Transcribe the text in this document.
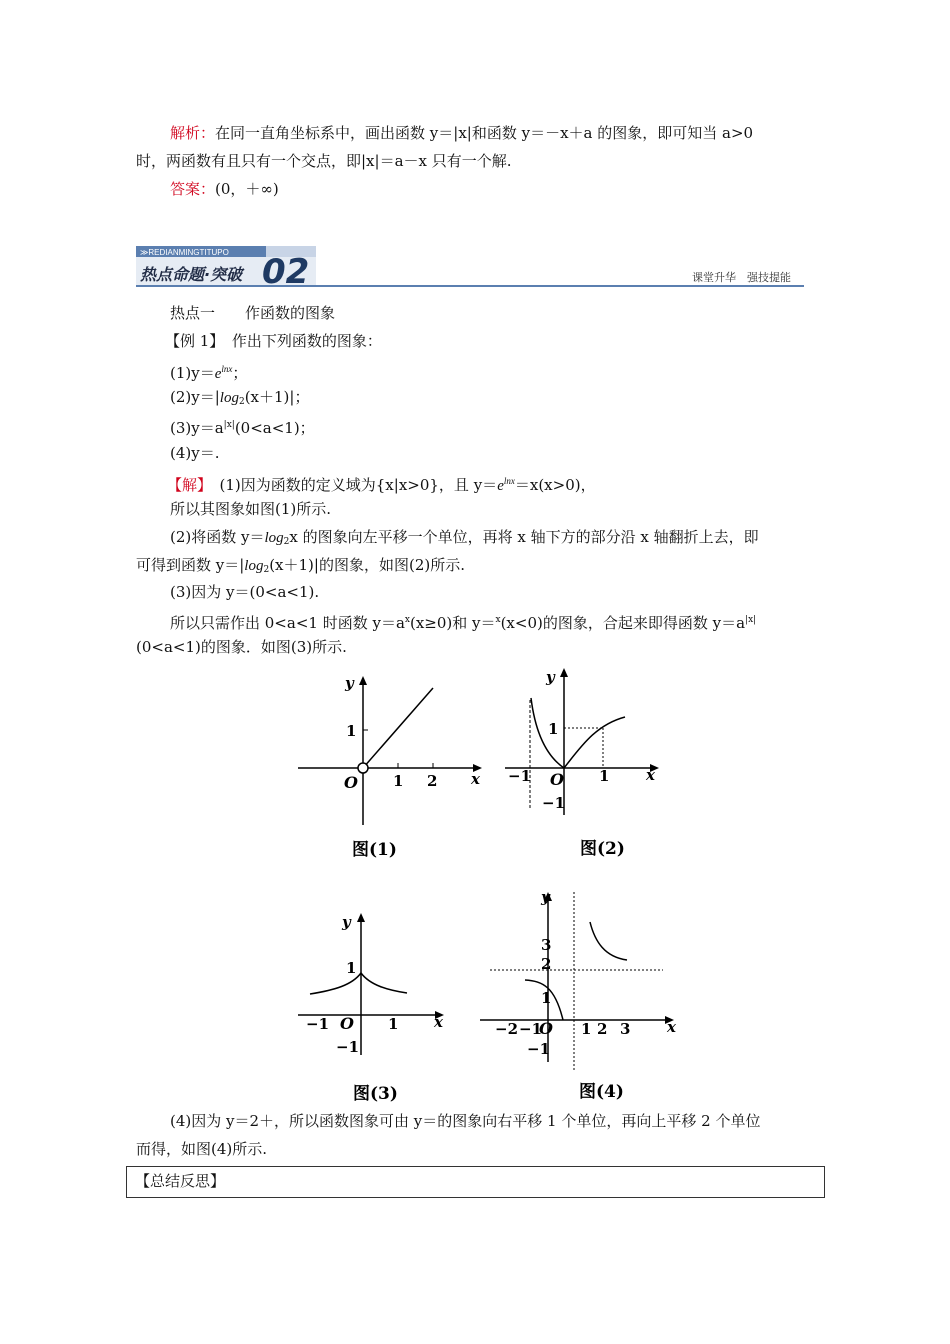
解析：在同一直角坐标系中，画出函数 y＝|x|和函数 y＝－x＋a 的图象，即可知当 a>0
时，两函数有且只有一个交点，即|x|＝a－x 只有一个解.
答案：(0，＋∞)
≫REDIANMINGTITUPO
热点命题·突破 02	课堂升华　强技提能
热点一　　作函数的图象
【例 1】　作出下列函数的图象：
$(1)y=e^{lnx}$；
$(2)y=|\log_2(x+1)|$；
$(3)y=a^{|x|}(0<a<1)$；
(4)y＝.
【解】　(1)因为函数的定义域为{x|x>0}，且 $y=e^{lnx}=x(x>0)$，
所以其图象如图(1)所示.
(2)将函数 $y=\log_2x$ 的图象向左平移一个单位，再将 x 轴下方的部分沿 x 轴翻折上去，即
可得到函数 $y=|\log_2(x+1)|$的图象，如图(2)所示.
(3)因为 y＝(0<a<1).
所以只需作出 0<a<1 时函数 $y=a^x(x\ge 0)$和 y＝$^x$(x<0)的图象，合起来即得函数 $y=a^{|x|}$
(0<a<1)的图象．如图(3)所示.
y
x
O 1 2
1
图(1)
y
x
O
−1	1
1
−1
图(2)
y
x
O
−1	1
1
−1
图(3)
y
x
O
−2 −1	1 2 3
1
2
3
−1
图(4)
(4)因为 y＝2＋，所以函数图象可由 y＝的图象向右平移 1 个单位，再向上平移 2 个单位
而得，如图(4)所示.
【总结反思】
